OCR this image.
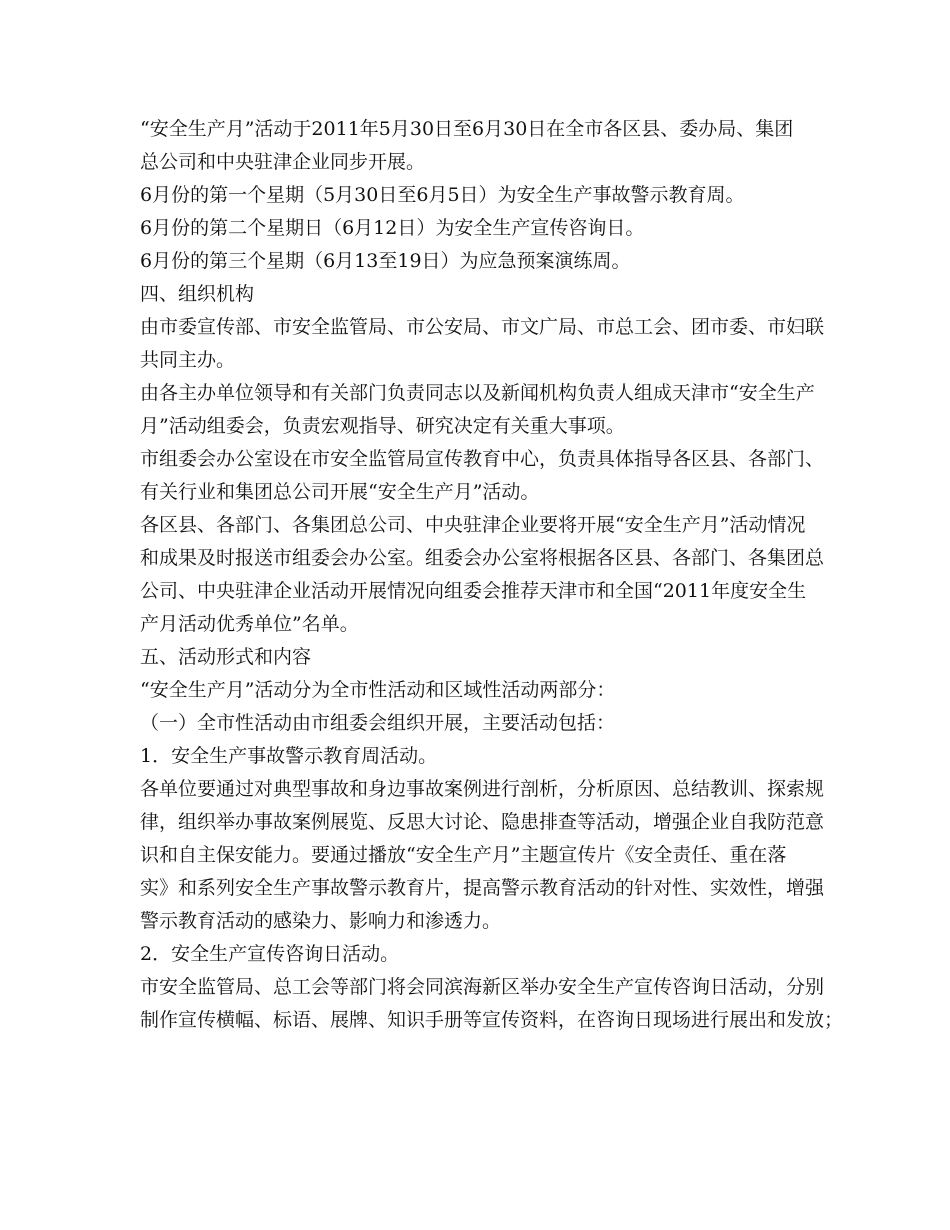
“安全生产月”活动于2011年5月30日至6月30日在全市各区县、委办局、集团
总公司和中央驻津企业同步开展。
6月份的第一个星期（5月30日至6月5日）为安全生产事故警示教育周。
6月份的第二个星期日（6月12日）为安全生产宣传咨询日。
6月份的第三个星期（6月13至19日）为应急预案演练周。
四、组织机构
由市委宣传部、市安全监管局、市公安局、市文广局、市总工会、团市委、市妇联
共同主办。
由各主办单位领导和有关部门负责同志以及新闻机构负责人组成天津市“安全生产
月”活动组委会，负责宏观指导、研究决定有关重大事项。
市组委会办公室设在市安全监管局宣传教育中心，负责具体指导各区县、各部门、
有关行业和集团总公司开展“安全生产月”活动。
各区县、各部门、各集团总公司、中央驻津企业要将开展“安全生产月”活动情况
和成果及时报送市组委会办公室。组委会办公室将根据各区县、各部门、各集团总
公司、中央驻津企业活动开展情况向组委会推荐天津市和全国“2011年度安全生
产月活动优秀单位”名单。
五、活动形式和内容
“安全生产月”活动分为全市性活动和区域性活动两部分：
（一）全市性活动由市组委会组织开展，主要活动包括：
1．安全生产事故警示教育周活动。
各单位要通过对典型事故和身边事故案例进行剖析，分析原因、总结教训、探索规
律，组织举办事故案例展览、反思大讨论、隐患排查等活动，增强企业自我防范意
识和自主保安能力。要通过播放“安全生产月”主题宣传片《安全责任、重在落
实》和系列安全生产事故警示教育片，提高警示教育活动的针对性、实效性，增强
警示教育活动的感染力、影响力和渗透力。
2．安全生产宣传咨询日活动。
市安全监管局、总工会等部门将会同滨海新区举办安全生产宣传咨询日活动，分别
制作宣传横幅、标语、展牌、知识手册等宣传资料，在咨询日现场进行展出和发放；
